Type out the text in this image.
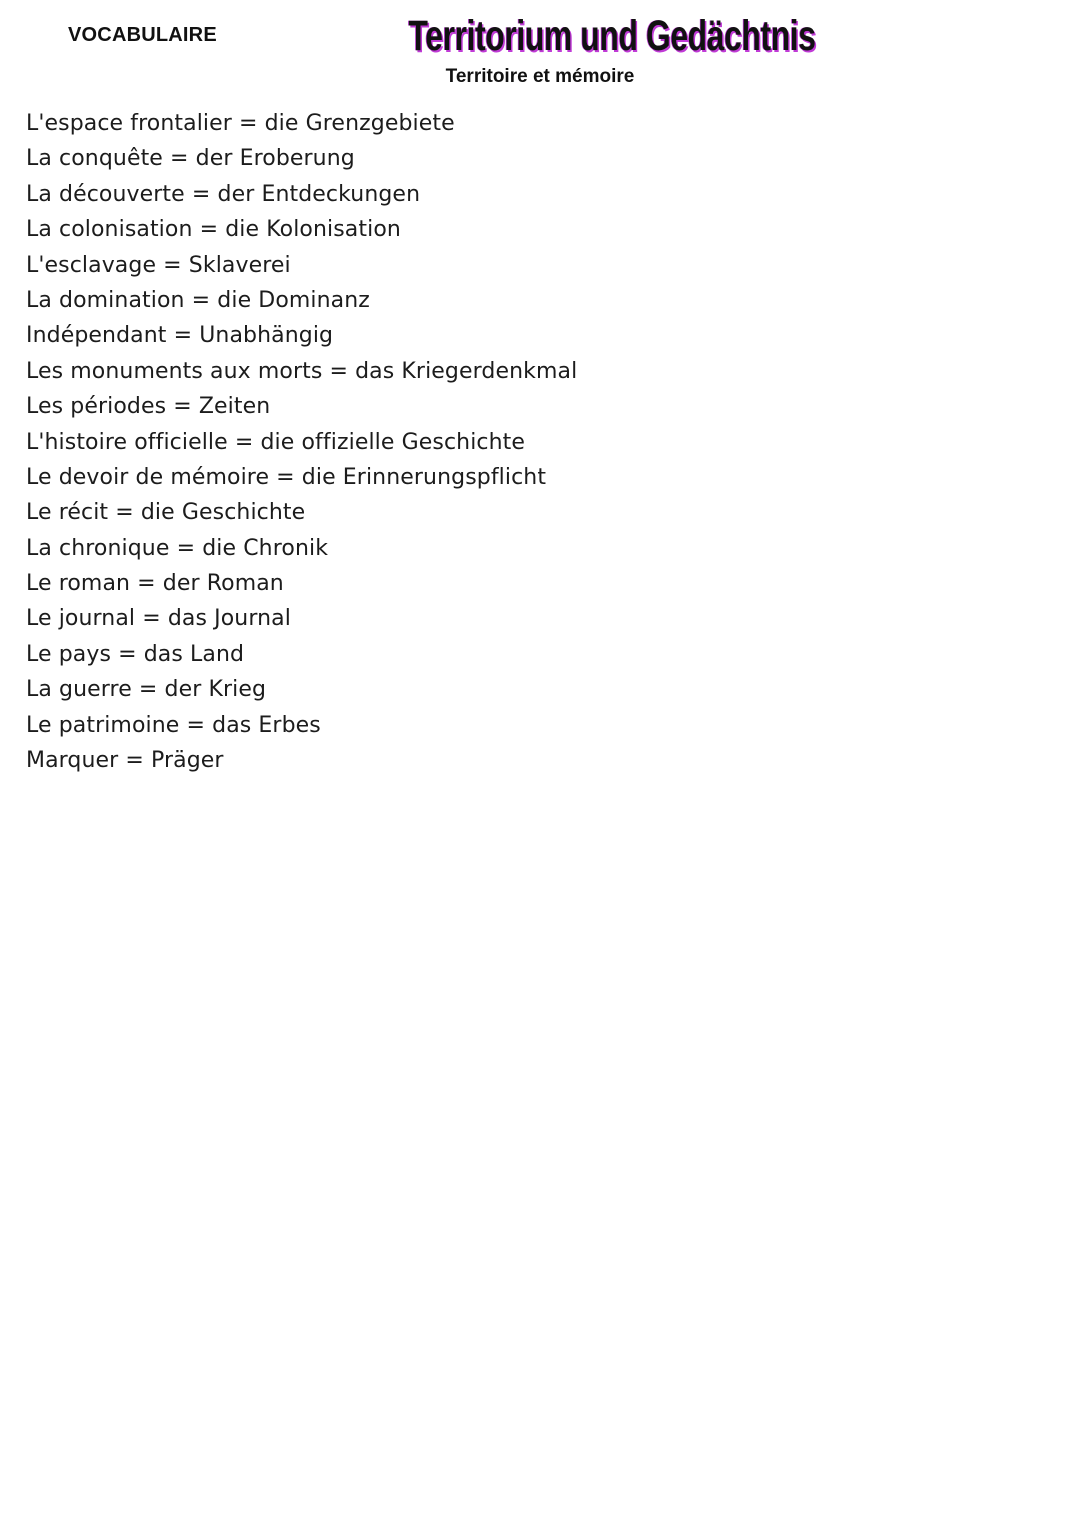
VOCABULAIRE	Territorium und Gedächtnis
Territoire et mémoire
L'espace frontalier = die Grenzgebiete
La conquête = der Eroberung
La découverte = der Entdeckungen
La colonisation = die Kolonisation
L'esclavage = Sklaverei
La domination = die Dominanz
Indépendant = Unabhängig
Les monuments aux morts = das Kriegerdenkmal
Les périodes = Zeiten
L'histoire officielle = die offizielle Geschichte
Le devoir de mémoire = die Erinnerungspflicht
Le récit = die Geschichte
La chronique = die Chronik
Le roman = der Roman
Le journal = das Journal
Le pays = das Land
La guerre = der Krieg
Le patrimoine = das Erbes
Marquer = Präger
